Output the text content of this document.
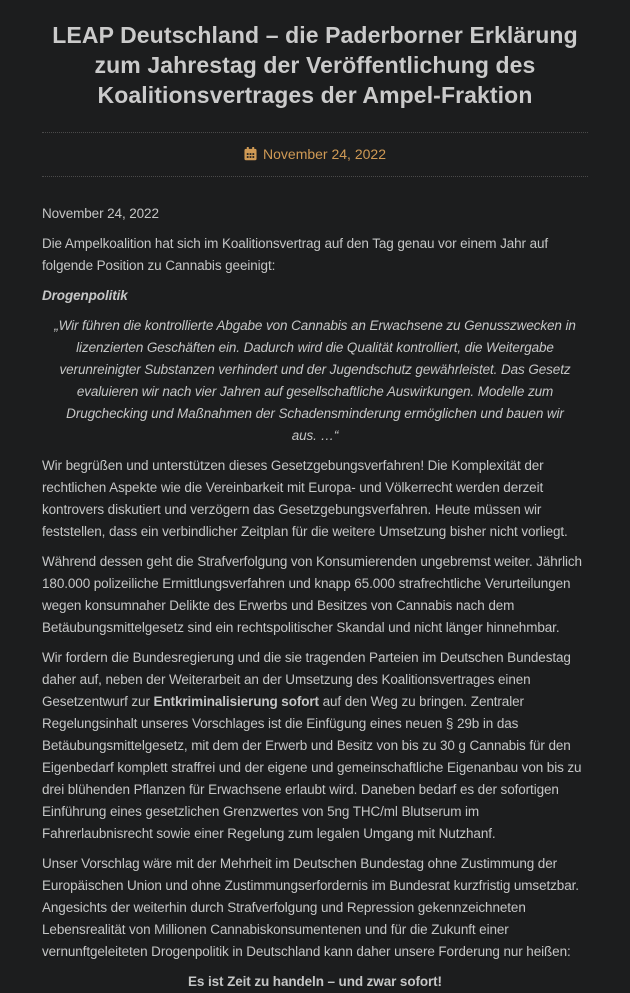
LEAP Deutschland – die Paderborner Erklärung zum Jahrestag der Veröffentlichung des Koalitionsvertrages der Ampel-Fraktion
November 24, 2022

November 24, 2022

Die Ampelkoalition hat sich im Koalitionsvertrag auf den Tag genau vor einem Jahr auf folgende Position zu Cannabis geeinigt:

Drogenpolitik

„Wir führen die kontrollierte Abgabe von Cannabis an Erwachsene zu Genusszwecken in lizenzierten Geschäften ein. Dadurch wird die Qualität kontrolliert, die Weitergabe verunreinigter Substanzen verhindert und der Jugendschutz gewährleistet. Das Gesetz evaluieren wir nach vier Jahren auf gesellschaftliche Auswirkungen. Modelle zum Drugchecking und Maßnahmen der Schadensminderung ermöglichen und bauen wir aus. …“

Wir begrüßen und unterstützen dieses Gesetzgebungsverfahren! Die Komplexität der rechtlichen Aspekte wie die Vereinbarkeit mit Europa- und Völkerrecht werden derzeit kontrovers diskutiert und verzögern das Gesetzgebungsverfahren. Heute müssen wir feststellen, dass ein verbindlicher Zeitplan für die weitere Umsetzung bisher nicht vorliegt.

Während dessen geht die Strafverfolgung von Konsumierenden ungebremst weiter. Jährlich 180.000 polizeiliche Ermittlungsverfahren und knapp 65.000 strafrechtliche Verurteilungen wegen konsumnaher Delikte des Erwerbs und Besitzes von Cannabis nach dem Betäubungsmittelgesetz sind ein rechtspolitischer Skandal und nicht länger hinnehmbar.

Wir fordern die Bundesregierung und die sie tragenden Parteien im Deutschen Bundestag daher auf, neben der Weiterarbeit an der Umsetzung des Koalitionsvertrages einen Gesetzentwurf zur Entkriminalisierung sofort auf den Weg zu bringen. Zentraler Regelungsinhalt unseres Vorschlages ist die Einfügung eines neuen § 29b in das Betäubungsmittelgesetz, mit dem der Erwerb und Besitz von bis zu 30 g Cannabis für den Eigenbedarf komplett straffrei und der eigene und gemeinschaftliche Eigenanbau von bis zu drei blühenden Pflanzen für Erwachsene erlaubt wird. Daneben bedarf es der sofortigen Einführung eines gesetzlichen Grenzwertes von 5ng THC/ml Blutserum im Fahrerlaubnisrecht sowie einer Regelung zum legalen Umgang mit Nutzhanf.

Unser Vorschlag wäre mit der Mehrheit im Deutschen Bundestag ohne Zustimmung der Europäischen Union und ohne Zustimmungserfordernis im Bundesrat kurzfristig umsetzbar. Angesichts der weiterhin durch Strafverfolgung und Repression gekennzeichneten Lebensrealität von Millionen Cannabiskonsumentenen und für die Zukunft einer vernunftgeleiteten Drogenpolitik in Deutschland kann daher unsere Forderung nur heißen:

Es ist Zeit zu handeln – und zwar sofort!
